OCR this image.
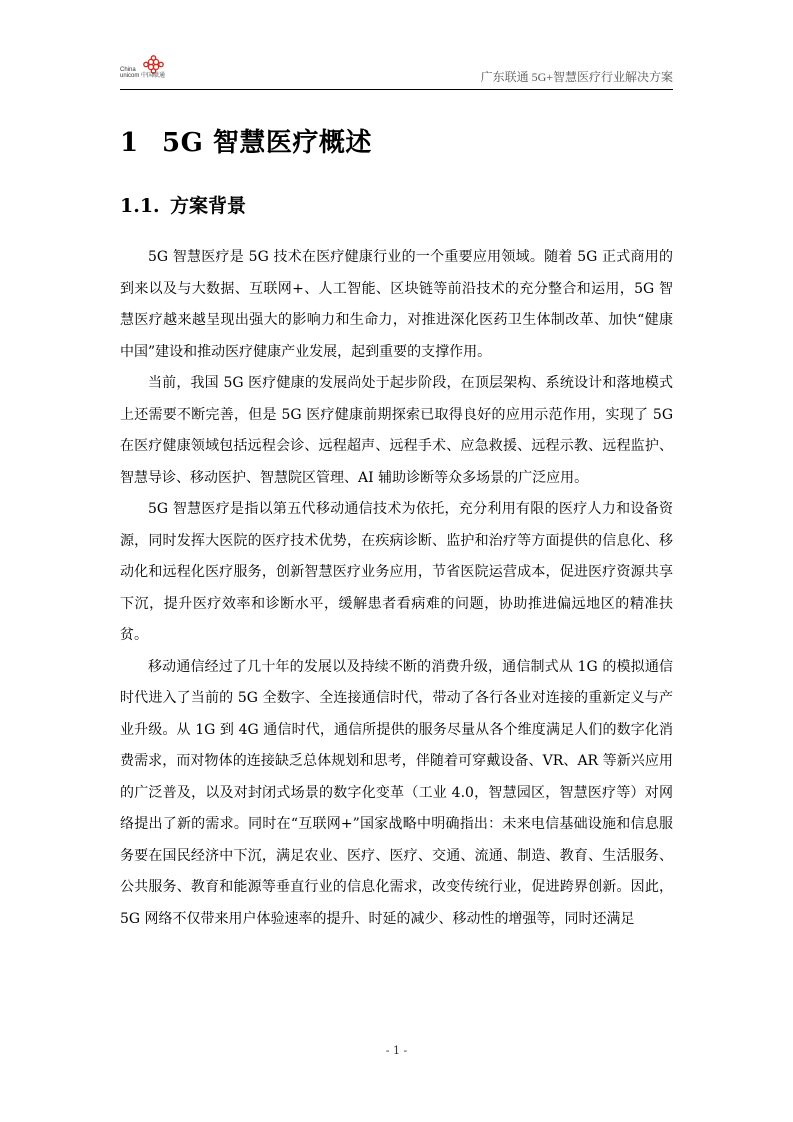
China
unicom 中国联通	广东联通 5G+智慧医疗行业解决方案
1 5G 智慧医疗概述
1.1. 方案背景

5G 智慧医疗是 5G 技术在医疗健康行业的一个重要应用领域。随着 5G 正式商用的到来以及与大数据、互联网+、人工智能、区块链等前沿技术的充分整合和运用，5G 智慧医疗越来越呈现出强大的影响力和生命力，对推进深化医药卫生体制改革、加快“健康中国”建设和推动医疗健康产业发展，起到重要的支撑作用。

当前，我国 5G 医疗健康的发展尚处于起步阶段，在顶层架构、系统设计和落地模式上还需要不断完善，但是 5G 医疗健康前期探索已取得良好的应用示范作用，实现了 5G 在医疗健康领域包括远程会诊、远程超声、远程手术、应急救援、远程示教、远程监护、智慧导诊、移动医护、智慧院区管理、AI 辅助诊断等众多场景的广泛应用。

5G 智慧医疗是指以第五代移动通信技术为依托，充分利用有限的医疗人力和设备资源，同时发挥大医院的医疗技术优势，在疾病诊断、监护和治疗等方面提供的信息化、移动化和远程化医疗服务，创新智慧医疗业务应用，节省医院运营成本，促进医疗资源共享下沉，提升医疗效率和诊断水平，缓解患者看病难的问题，协助推进偏远地区的精准扶贫。

移动通信经过了几十年的发展以及持续不断的消费升级，通信制式从 1G 的模拟通信时代进入了当前的 5G 全数字、全连接通信时代，带动了各行各业对连接的重新定义与产业升级。从 1G 到 4G 通信时代，通信所提供的服务尽量从各个维度满足人们的数字化消费需求，而对物体的连接缺乏总体规划和思考，伴随着可穿戴设备、VR、AR 等新兴应用的广泛普及，以及对封闭式场景的数字化变革（工业 4.0，智慧园区，智慧医疗等）对网络提出了新的需求。同时在“互联网+”国家战略中明确指出：未来电信基础设施和信息服务要在国民经济中下沉，满足农业、医疗、医疗、交通、流通、制造、教育、生活服务、公共服务、教育和能源等垂直行业的信息化需求，改变传统行业，促进跨界创新。因此，5G 网络不仅带来用户体验速率的提升、时延的减少、移动性的增强等，同时还满足

- 1 -
